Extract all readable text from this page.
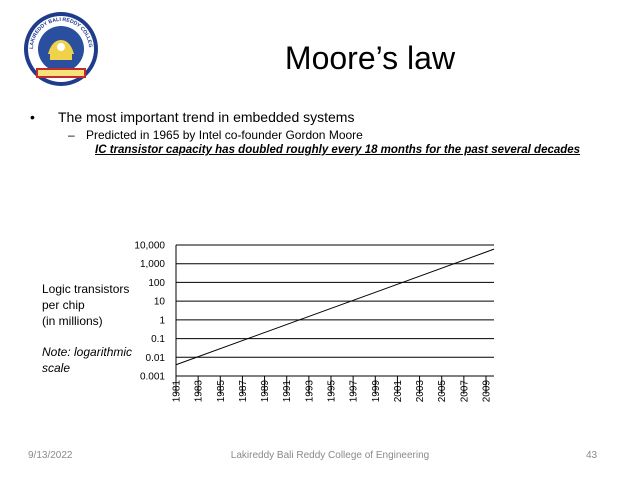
LAKIREDDY BALI REDDY COLLEG	Moore’s law
• The most important trend in embedded systems
– Predicted in 1965 by Intel co-founder Gordon Moore
IC transistor capacity has doubled roughly every 18 months for the past several decades
Logic transistors
per chip
(in millions)
Note: logarithmic
scale
10,000
1,000
100
10
1
0.1
0.01
0.001
1981 1983 1985 1987 1989 1991 1993 1995 1997 1999 2001 2003 2005 2007 2009
9/13/2022	Lakireddy Bali Reddy College of Engineering	43
